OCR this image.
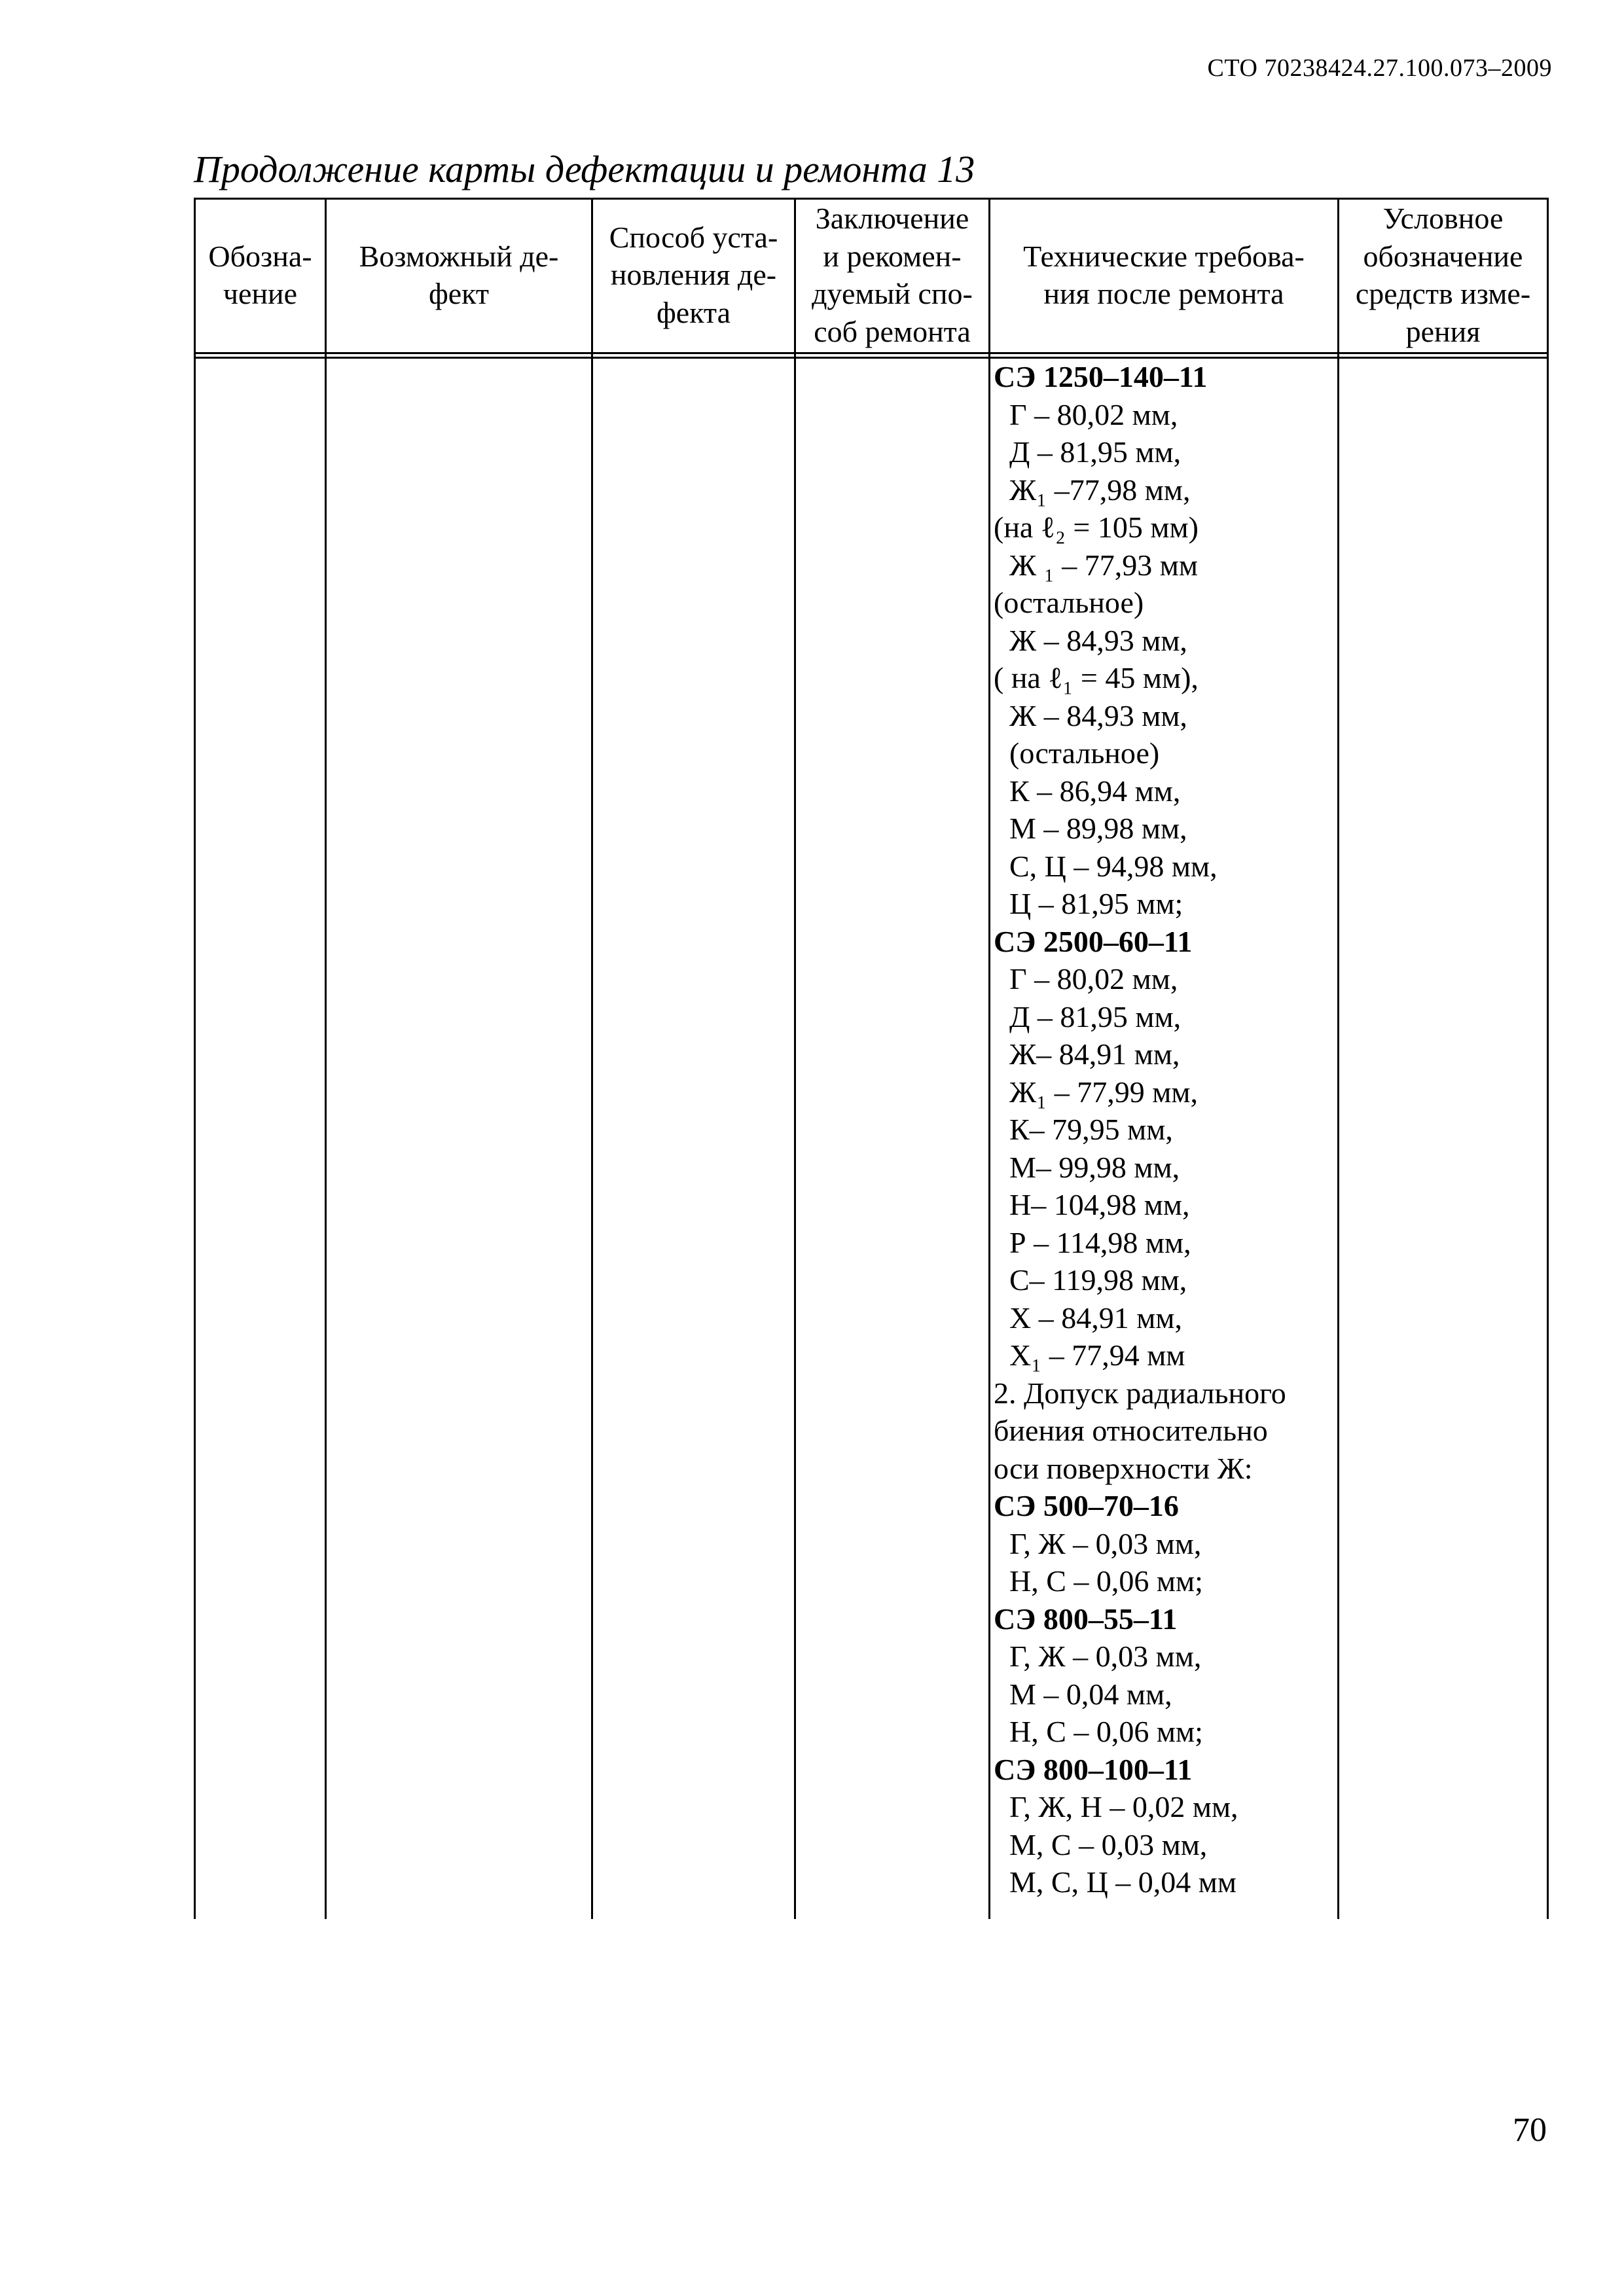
СТО 70238424.27.100.073–2009
Продолжение карты дефектации и ремонта 13
Обозна-
чение
Возможный де-
фект
Способ уста-
новления де-
фекта
Заключение
и рекомен-
дуемый спо-
соб ремонта
Технические требова-
ния после ремонта
Условное
обозначение
средств изме-
рения
СЭ 1250–140–11
Г – 80,02 мм,
Д – 81,95 мм,
Ж₁ –77,98 мм,
(на ℓ₂ = 105 мм)
Ж ₁ – 77,93 мм
(остальное)
Ж – 84,93 мм,
( на ℓ₁ = 45 мм),
Ж – 84,93 мм,
(остальное)
К – 86,94 мм,
М – 89,98 мм,
С, Ц – 94,98 мм,
Ц – 81,95 мм;
СЭ 2500–60–11
Г – 80,02 мм,
Д – 81,95 мм,
Ж– 84,91 мм,
Ж₁ – 77,99 мм,
К– 79,95 мм,
М– 99,98 мм,
Н– 104,98 мм,
Р – 114,98 мм,
С– 119,98 мм,
Х – 84,91 мм,
Х₁ – 77,94 мм
2. Допуск радиального
биения относительно
оси поверхности Ж:
СЭ 500–70–16
Г, Ж – 0,03 мм,
Н, С – 0,06 мм;
СЭ 800–55–11
Г, Ж – 0,03 мм,
М – 0,04 мм,
Н, С – 0,06 мм;
СЭ 800–100–11
Г, Ж, Н – 0,02 мм,
М, С – 0,03 мм,
М, С, Ц – 0,04 мм
70
